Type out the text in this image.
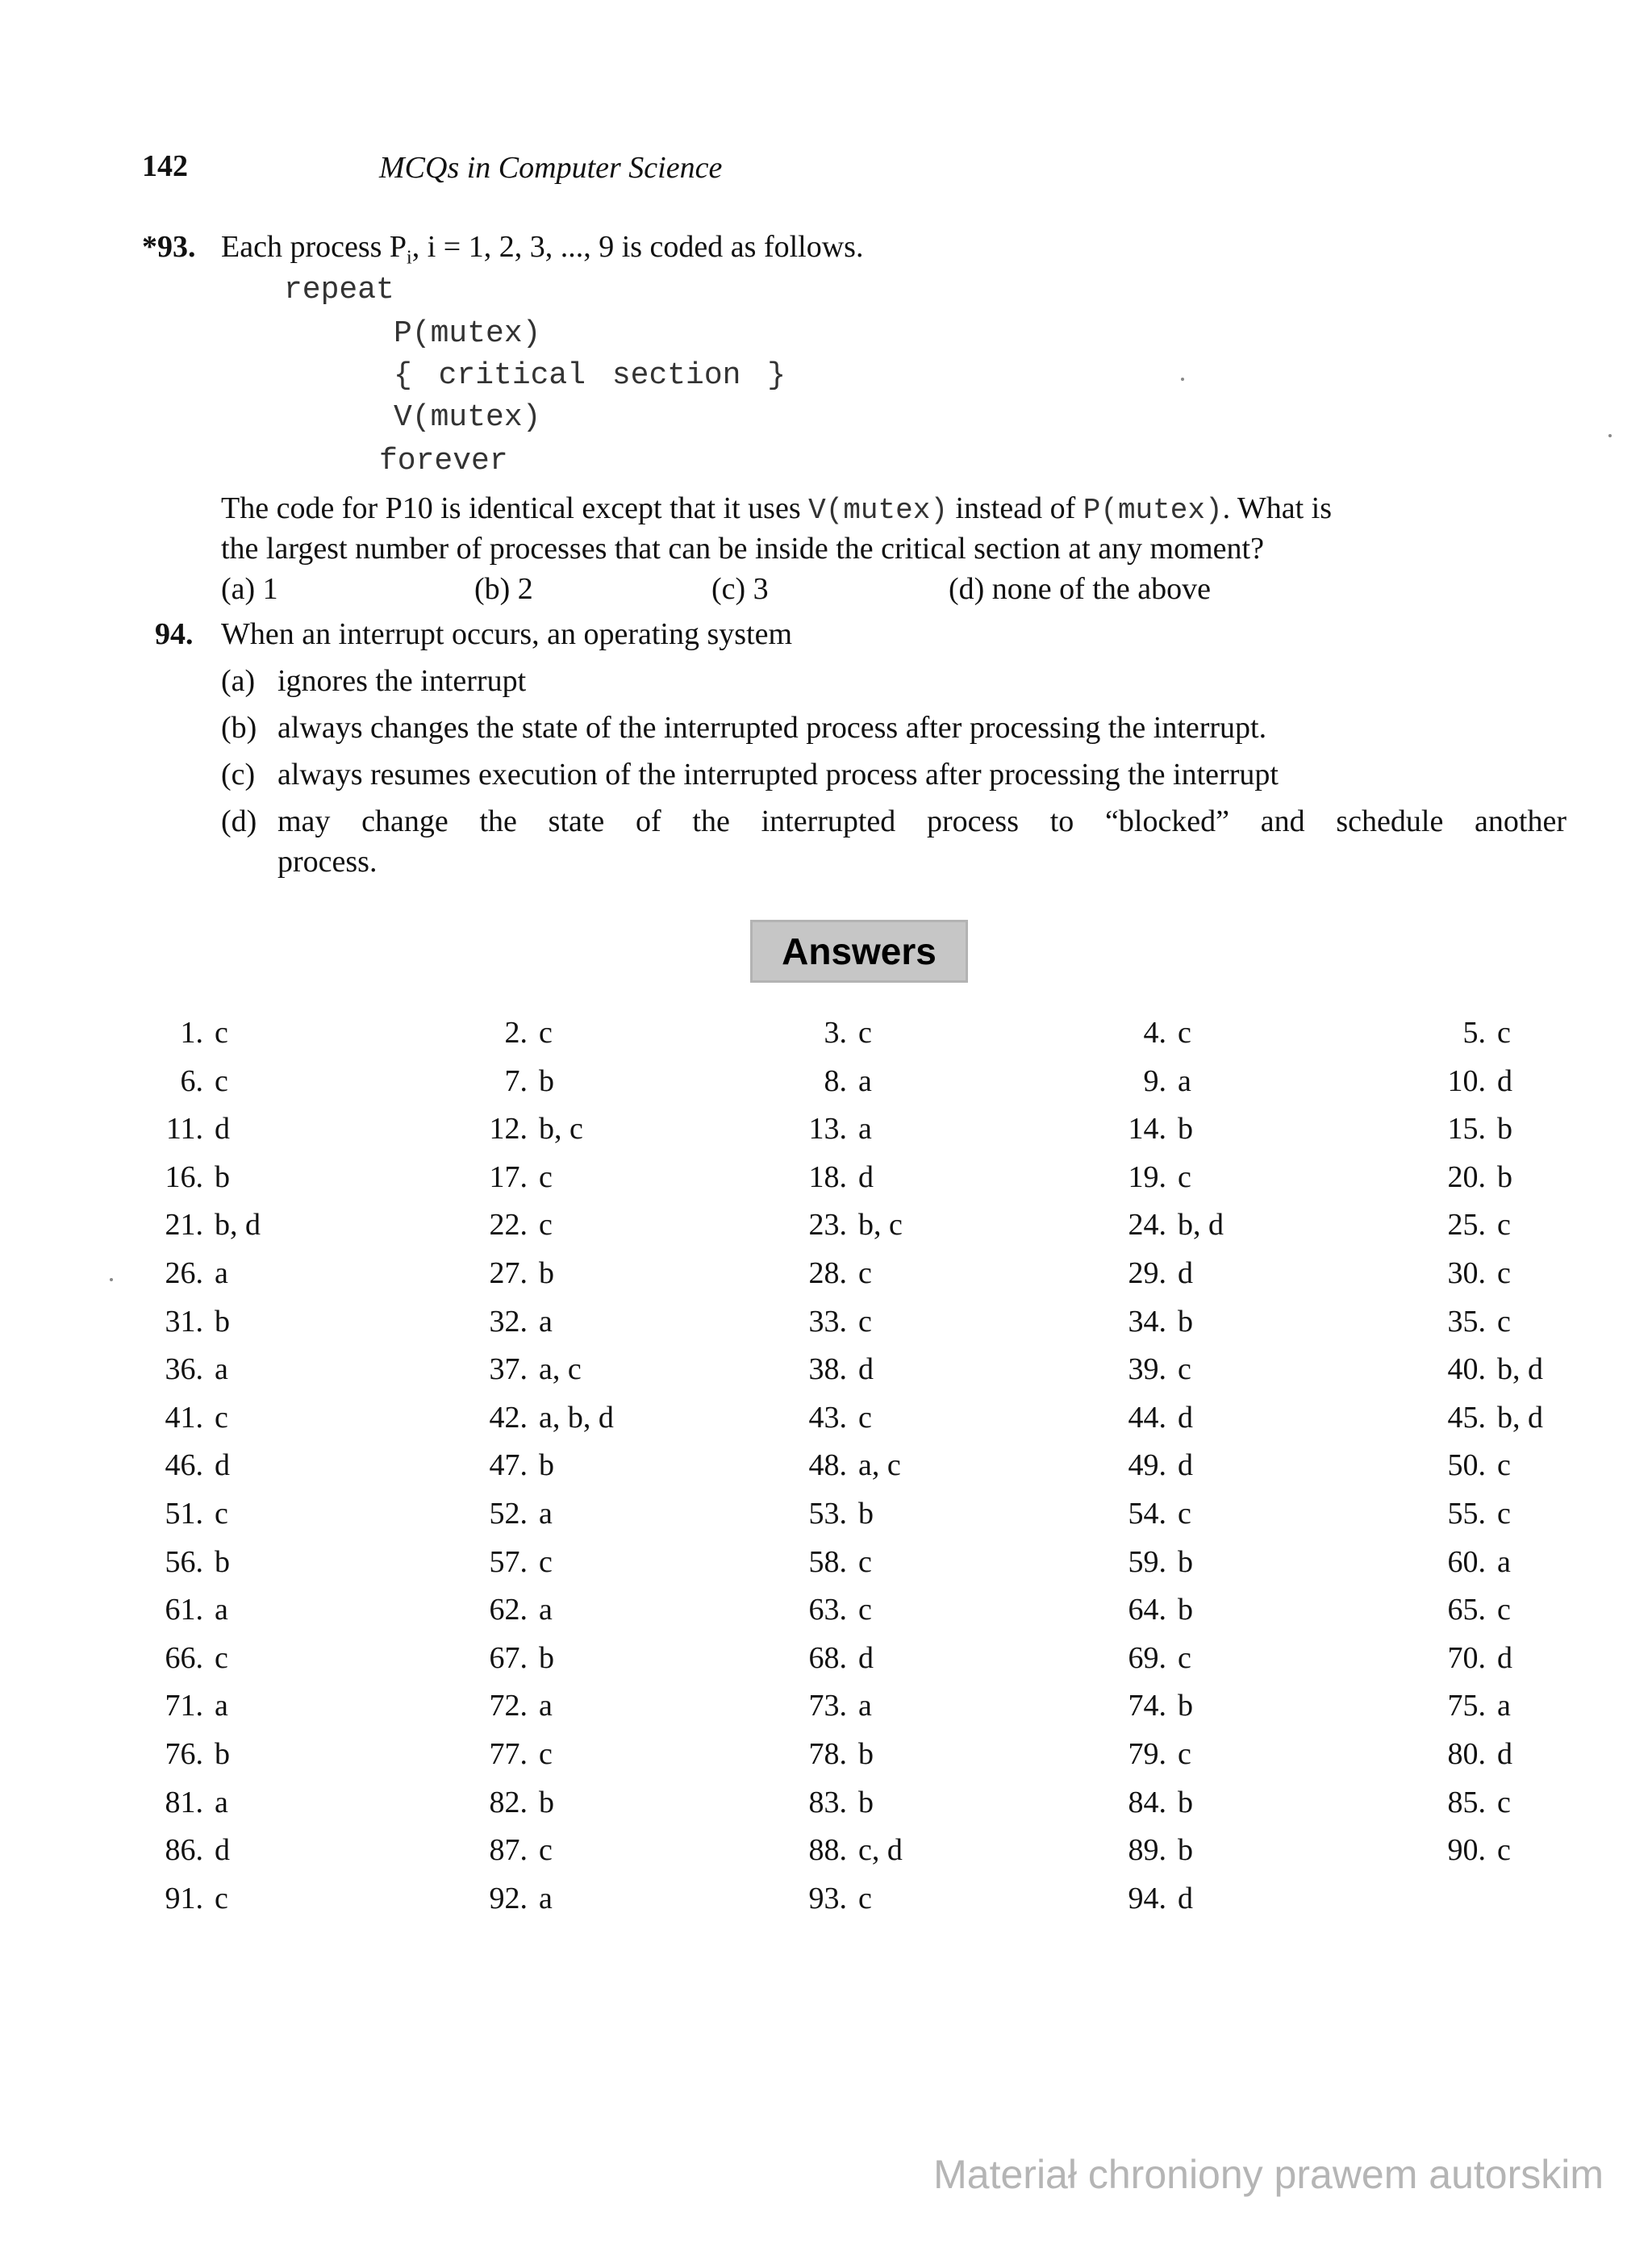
142	MCQs in Computer Science
*93. Each process $P_i$, i = 1, 2, 3, ..., 9 is coded as follows.
repeat
P(mutex)
{ critical section }
V(mutex)
forever
The code for P10 is identical except that it uses V(mutex) instead of P(mutex). What is
the largest number of processes that can be inside the critical section at any moment?
(a) 1	(b) 2	(c) 3	(d) none of the above
94. When an interrupt occurs, an operating system
(a) ignores the interrupt
(b) always changes the state of the interrupted process after processing the interrupt.
(c) always resumes execution of the interrupted process after processing the interrupt
(d) may change the state of the interrupted process to “blocked” and schedule another
process.
Answers
1. c	2. c	3. c	4. c	5. c
6. c	7. b	8. a	9. a	10. d
11. d	12. b, c	13. a	14. b	15. b
16. b	17. c	18. d	19. c	20. b
21. b, d	22. c	23. b, c	24. b, d	25. c
26. a	27. b	28. c	29. d	30. c
31. b	32. a	33. c	34. b	35. c
36. a	37. a, c	38. d	39. c	40. b, d
41. c	42. a, b, d	43. c	44. d	45. b, d
46. d	47. b	48. a, c	49. d	50. c
51. c	52. a	53. b	54. c	55. c
56. b	57. c	58. c	59. b	60. a
61. a	62. a	63. c	64. b	65. c
66. c	67. b	68. d	69. c	70. d
71. a	72. a	73. a	74. b	75. a
76. b	77. c	78. b	79. c	80. d
81. a	82. b	83. b	84. b	85. c
86. d	87. c	88. c, d	89. b	90. c
91. c	92. a	93. c	94. d
Materiał chroniony prawem autorskim
